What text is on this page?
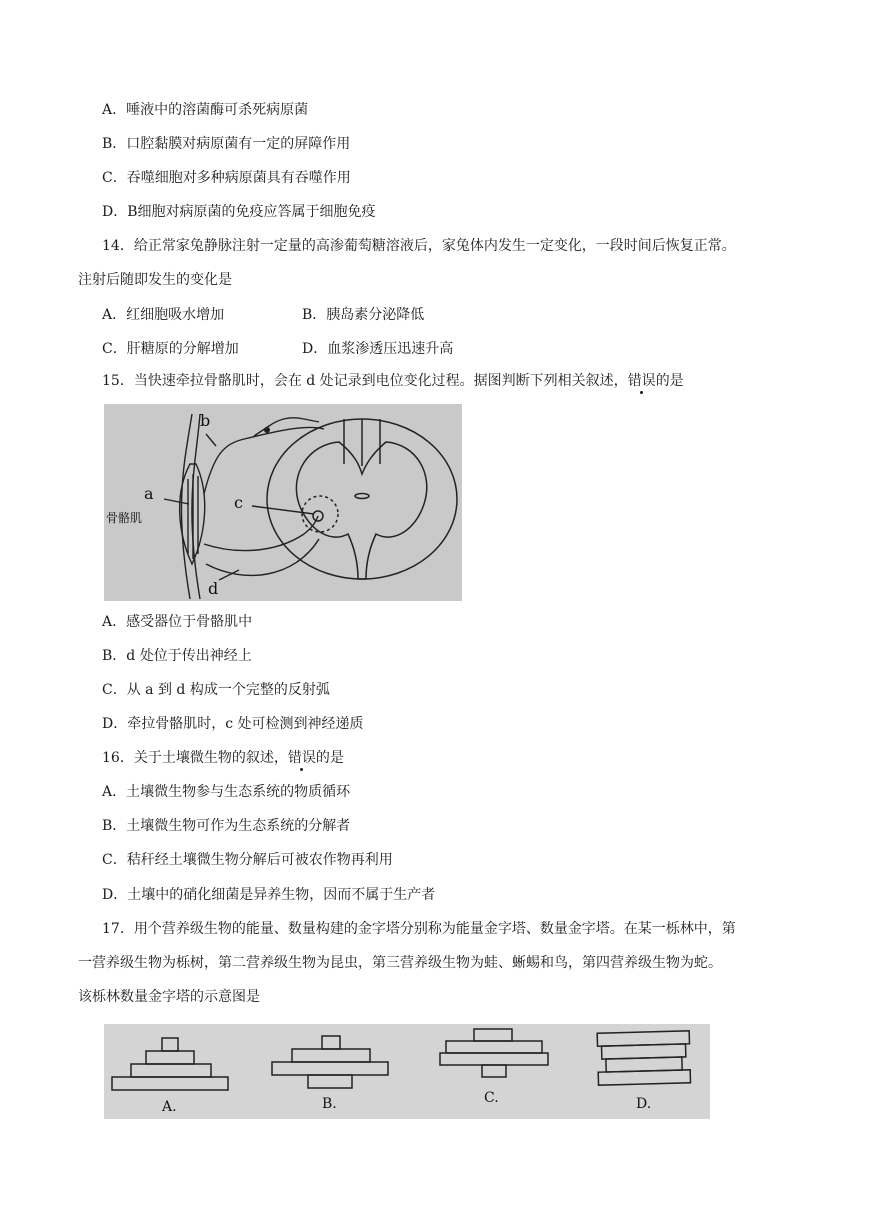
A．唾液中的溶菌酶可杀死病原菌
B．口腔黏膜对病原菌有一定的屏障作用
C．吞噬细胞对多种病原菌具有吞噬作用
D．B细胞对病原菌的免疫应答属于细胞免疫
14．给正常家兔静脉注射一定量的高渗葡萄糖溶液后，家兔体内发生一定变化，一段时间后恢复正常。
注射后随即发生的变化是
A．红细胞吸水增加	B．胰岛素分泌降低
C．肝糖原的分解增加	D．血浆渗透压迅速升高
15．当快速牵拉骨骼肌时，会在 d 处记录到电位变化过程。据图判断下列相关叙述，错误的是
b
a	c
d
骨骼肌
A．感受器位于骨骼肌中
B．d 处位于传出神经上
C．从 a 到 d 构成一个完整的反射弧
D．牵拉骨骼肌时，c 处可检测到神经递质
16．关于土壤微生物的叙述，错误的是
A．土壤微生物参与生态系统的物质循环
B．土壤微生物可作为生态系统的分解者
C．秸秆经土壤微生物分解后可被农作物再利用
D．土壤中的硝化细菌是异养生物，因而不属于生产者
17．用个营养级生物的能量、数量构建的金字塔分别称为能量金字塔、数量金字塔。在某一栎林中，第
一营养级生物为栎树，第二营养级生物为昆虫，第三营养级生物为蛙、蜥蜴和鸟，第四营养级生物为蛇。
该栎林数量金字塔的示意图是
A.	B.	C.	D.
